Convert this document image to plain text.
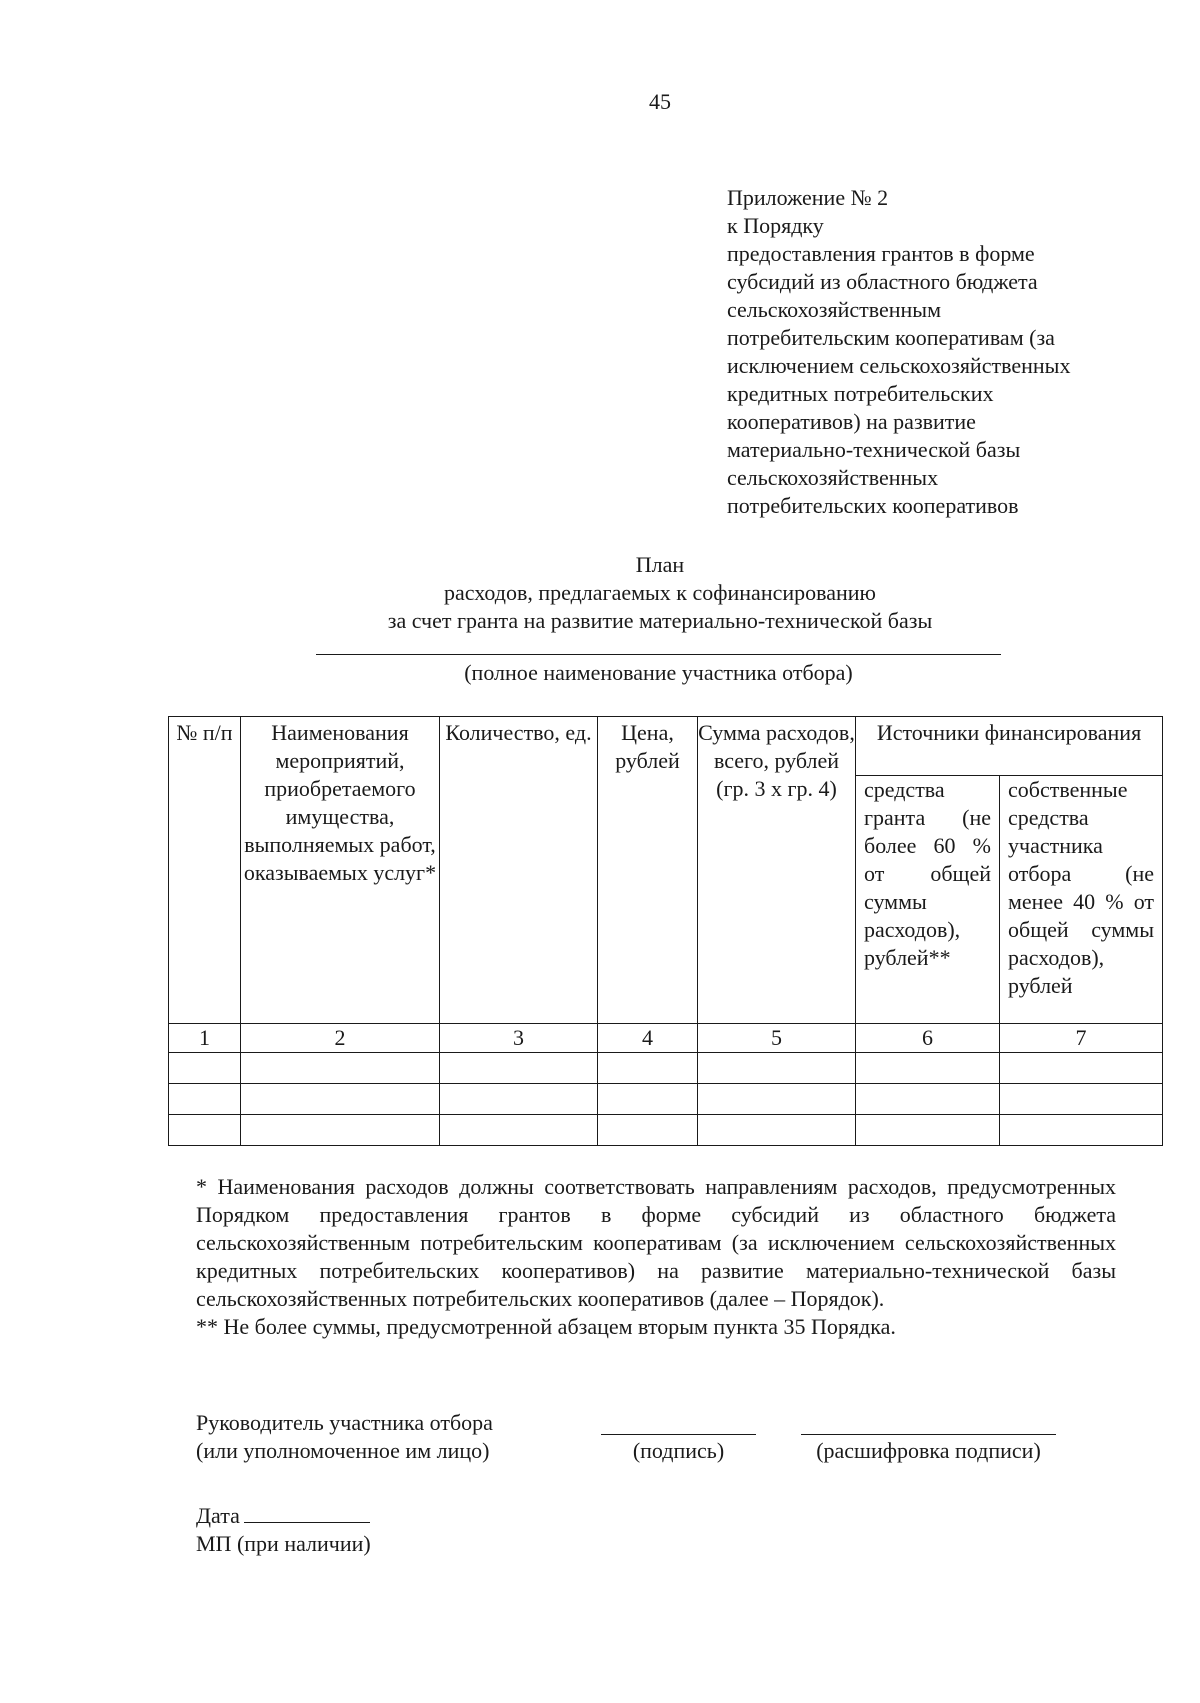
45
Приложение № 2
к Порядку
предоставления грантов в форме
субсидий из областного бюджета
сельскохозяйственным
потребительским кооперативам (за
исключением сельскохозяйственных
кредитных потребительских
кооперативов) на развитие
материально-технической базы
сельскохозяйственных
потребительских кооперативов
План
расходов, предлагаемых к софинансированию
за счет гранта на развитие материально-технической базы
(полное наименование участника отбора)
№ п/п	Наименования мероприятий, приобретаемого имущества, выполняемых работ, оказываемых услуг*	Количество, ед.	Цена, рублей	Сумма расходов, всего, рублей (гр. 3 х гр. 4)	Источники финансирования	
					средства гранта (не более 60 % от общей суммы расходов), рублей**	собственные средства участника отбора (не менее 40 % от общей суммы расходов), рублей
1	2	3	4	5	6	7

* Наименования расходов должны соответствовать направлениям расходов, предусмотренных Порядком предоставления грантов в форме субсидий из областного бюджета сельскохозяйственным потребительским кооперативам (за исключением сельскохозяйственных кредитных потребительских кооперативов) на развитие материально-технической базы сельскохозяйственных потребительских кооперативов (далее – Порядок).
** Не более суммы, предусмотренной абзацем вторым пункта 35 Порядка.
Руководитель участника отбора
(или уполномоченное им лицо)	(подпись)	(расшифровка подписи)
Дата
МП (при наличии)
